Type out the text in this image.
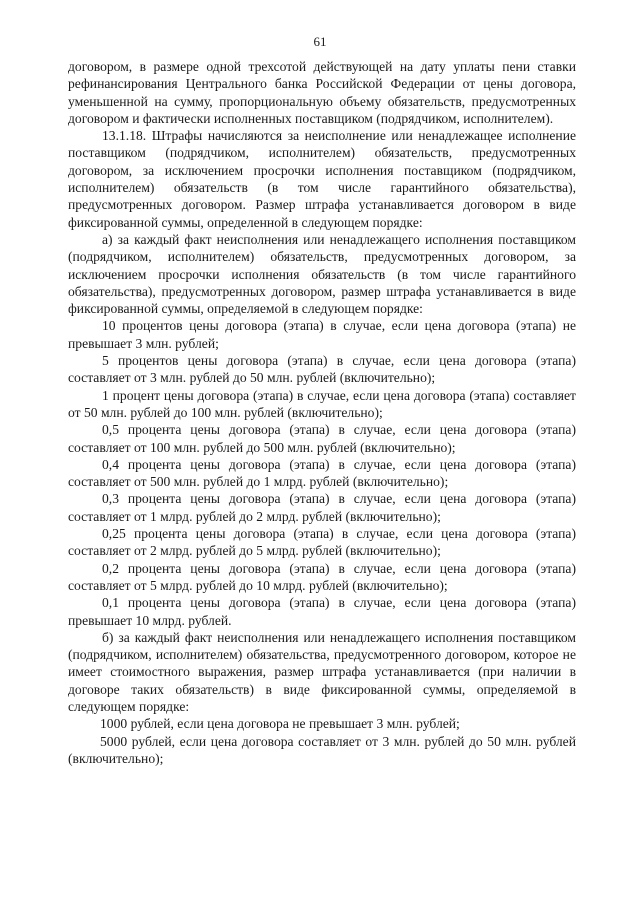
61

договором, в размере одной трехсотой действующей на дату уплаты пени ставки рефинансирования Центрального банка Российской Федерации от цены договора, уменьшенной на сумму, пропорциональную объему обязательств, предусмотренных договором и фактически исполненных поставщиком (подрядчиком, исполнителем).

13.1.18. Штрафы начисляются за неисполнение или ненадлежащее исполнение поставщиком (подрядчиком, исполнителем) обязательств, предусмотренных договором, за исключением просрочки исполнения поставщиком (подрядчиком, исполнителем) обязательств (в том числе гарантийного обязательства), предусмотренных договором. Размер штрафа устанавливается договором в виде фиксированной суммы, определенной в следующем порядке:

а) за каждый факт неисполнения или ненадлежащего исполнения поставщиком (подрядчиком, исполнителем) обязательств, предусмотренных договором, за исключением просрочки исполнения обязательств (в том числе гарантийного обязательства), предусмотренных договором, размер штрафа устанавливается в виде фиксированной суммы, определяемой в следующем порядке:

10 процентов цены договора (этапа) в случае, если цена договора (этапа) не превышает 3 млн. рублей;

5 процентов цены договора (этапа) в случае, если цена договора (этапа) составляет от 3 млн. рублей до 50 млн. рублей (включительно);

1 процент цены договора (этапа) в случае, если цена договора (этапа) составляет от 50 млн. рублей до 100 млн. рублей (включительно);

0,5 процента цены договора (этапа) в случае, если цена договора (этапа) составляет от 100 млн. рублей до 500 млн. рублей (включительно);

0,4 процента цены договора (этапа) в случае, если цена договора (этапа) составляет от 500 млн. рублей до 1 млрд. рублей (включительно);

0,3 процента цены договора (этапа) в случае, если цена договора (этапа) составляет от 1 млрд. рублей до 2 млрд. рублей (включительно);

0,25 процента цены договора (этапа) в случае, если цена договора (этапа) составляет от 2 млрд. рублей до 5 млрд. рублей (включительно);

0,2 процента цены договора (этапа) в случае, если цена договора (этапа) составляет от 5 млрд. рублей до 10 млрд. рублей (включительно);

0,1 процента цены договора (этапа) в случае, если цена договора (этапа) превышает 10 млрд. рублей.

б) за каждый факт неисполнения или ненадлежащего исполнения поставщиком (подрядчиком, исполнителем) обязательства, предусмотренного договором, которое не имеет стоимостного выражения, размер штрафа устанавливается (при наличии в договоре таких обязательств) в виде фиксированной суммы, определяемой в следующем порядке:

1000 рублей, если цена договора не превышает 3 млн. рублей;

5000 рублей, если цена договора составляет от 3 млн. рублей до 50 млн. рублей (включительно);
